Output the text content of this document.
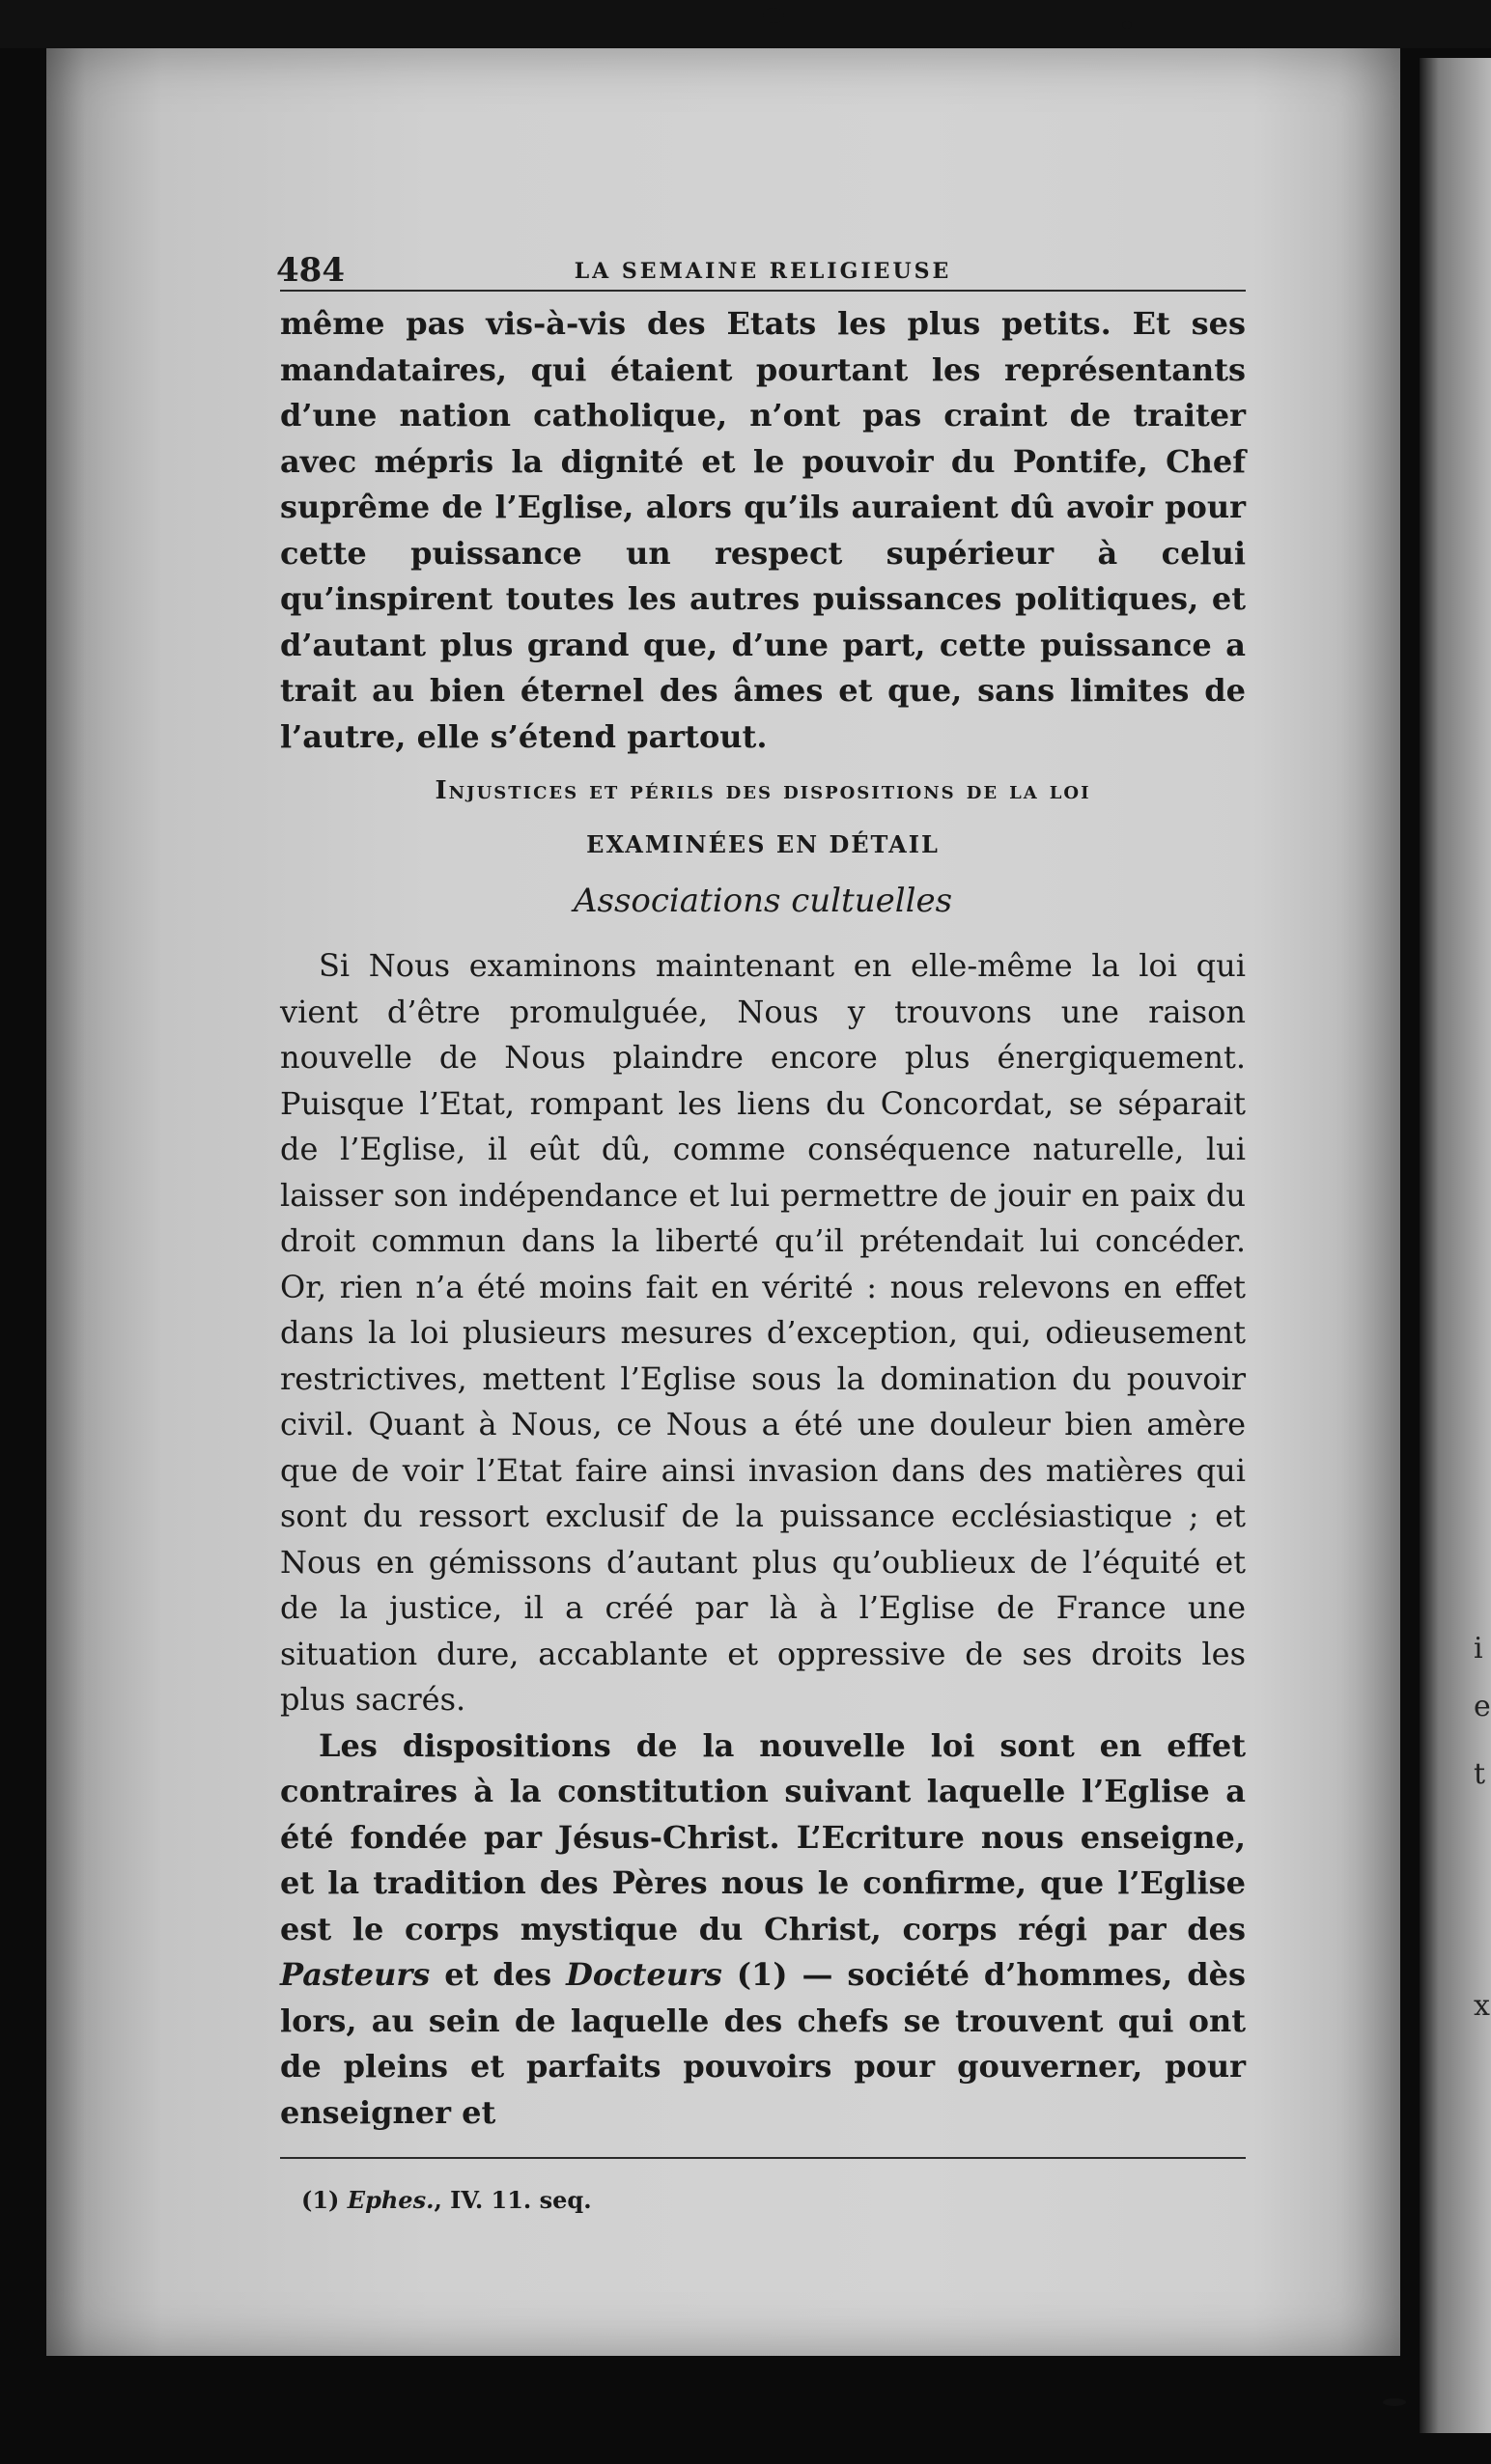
i
e
t
x
484	LA SEMAINE RELIGIEUSE

même pas vis-à-vis des Etats les plus petits. Et ses mandataires, qui étaient pourtant les représentants d’une nation catholique, n’ont pas craint de traiter avec mépris la dignité et le pouvoir du Pontife, Chef suprême de l’Eglise, alors qu’ils auraient dû avoir pour cette puissance un respect supérieur à celui qu’inspirent toutes les autres puissances politiques, et d’autant plus grand que, d’une part, cette puissance a trait au bien éternel des âmes et que, sans limites de l’autre, elle s’étend partout.

Injustices et périls des dispositions de la loi

EXAMINÉES EN DÉTAIL

Associations cultuelles

Si Nous examinons maintenant en elle-même la loi qui vient d’être promulguée, Nous y trouvons une raison nouvelle de Nous plaindre encore plus énergiquement. Puisque l’Etat, rompant les liens du Concordat, se séparait de l’Eglise, il eût dû, comme conséquence naturelle, lui laisser son indépendance et lui permettre de jouir en paix du droit commun dans la liberté qu’il prétendait lui concéder. Or, rien n’a été moins fait en vérité : nous relevons en effet dans la loi plusieurs mesures d’exception, qui, odieusement restrictives, mettent l’Eglise sous la domination du pouvoir civil. Quant à Nous, ce Nous a été une douleur bien amère que de voir l’Etat faire ainsi invasion dans des matières qui sont du ressort exclusif de la puissance ecclésiastique ; et Nous en gémissons d’autant plus qu’oublieux de l’équité et de la justice, il a créé par là à l’Eglise de France une situation dure, accablante et oppressive de ses droits les plus sacrés.

Les dispositions de la nouvelle loi sont en effet contraires à la constitution suivant laquelle l’Eglise a été fondée par Jésus-Christ. L’Ecriture nous enseigne, et la tradition des Pères nous le confirme, que l’Eglise est le corps mystique du Christ, corps régi par des Pasteurs et des Docteurs (1) — société d’hommes, dès lors, au sein de laquelle des chefs se trouvent qui ont de pleins et parfaits pouvoirs pour gouverner, pour enseigner et

(1) Ephes., IV. 11. seq.
